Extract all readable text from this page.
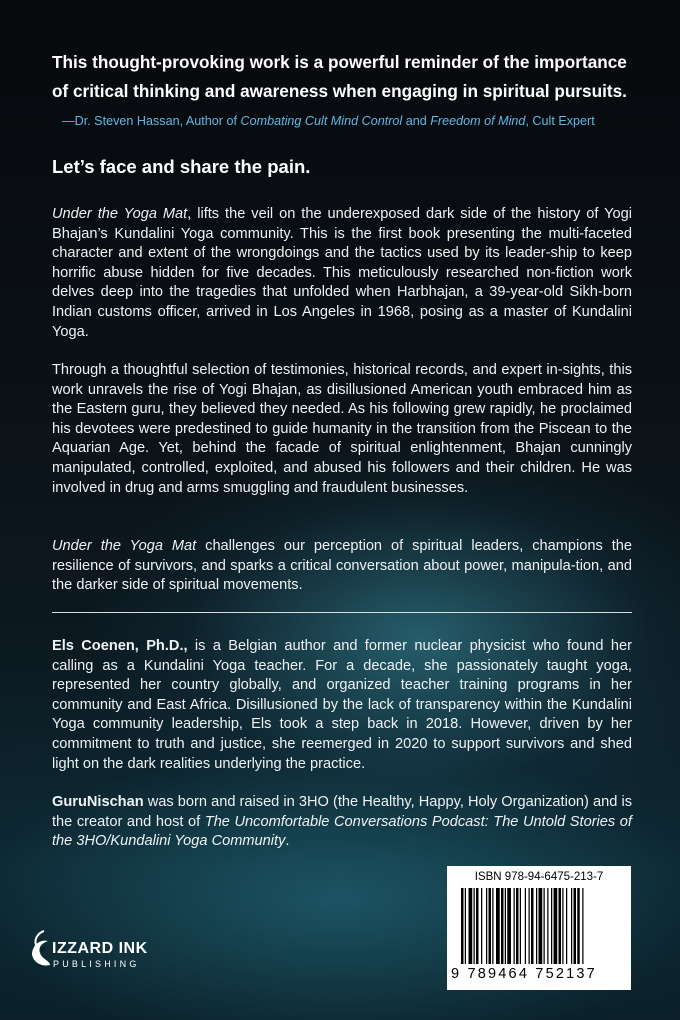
This thought-provoking work is a powerful reminder of the importance of critical thinking and awareness when engaging in spiritual pursuits.
—Dr. Steven Hassan, Author of Combating Cult Mind Control and Freedom of Mind, Cult Expert
Let’s face and share the pain.
Under the Yoga Mat, lifts the veil on the underexposed dark side of the history of Yogi Bhajan’s Kundalini Yoga community. This is the first book presenting the multi-faceted character and extent of the wrongdoings and the tactics used by its leader-ship to keep horrific abuse hidden for five decades. This meticulously researched non-fiction work delves deep into the tragedies that unfolded when Harbhajan, a 39-year-old Sikh-born Indian customs officer, arrived in Los Angeles in 1968, posing as a master of Kundalini Yoga.
Through a thoughtful selection of testimonies, historical records, and expert in-sights, this work unravels the rise of Yogi Bhajan, as disillusioned American youth embraced him as the Eastern guru, they believed they needed. As his following grew rapidly, he proclaimed his devotees were predestined to guide humanity in the transition from the Piscean to the Aquarian Age. Yet, behind the facade of spiritual enlightenment, Bhajan cunningly manipulated, controlled, exploited, and abused his followers and their children. He was involved in drug and arms smuggling and fraudulent businesses.
Under the Yoga Mat challenges our perception of spiritual leaders, champions the resilience of survivors, and sparks a critical conversation about power, manipula-tion, and the darker side of spiritual movements.
Els Coenen, Ph.D., is a Belgian author and former nuclear physicist who found her calling as a Kundalini Yoga teacher. For a decade, she passionately taught yoga, represented her country globally, and organized teacher training programs in her community and East Africa. Disillusioned by the lack of transparency within the Kundalini Yoga community leadership, Els took a step back in 2018. However, driven by her commitment to truth and justice, she reemerged in 2020 to support survivors and shed light on the dark realities underlying the practice.
GuruNischan was born and raised in 3HO (the Healthy, Happy, Holy Organization) and is the creator and host of The Uncomfortable Conversations Podcast: The Untold Stories of the 3HO/Kundalini Yoga Community.
IZZARD INK
PUBLISHING
ISBN 978-94-6475-213-7
9 789464 752137
